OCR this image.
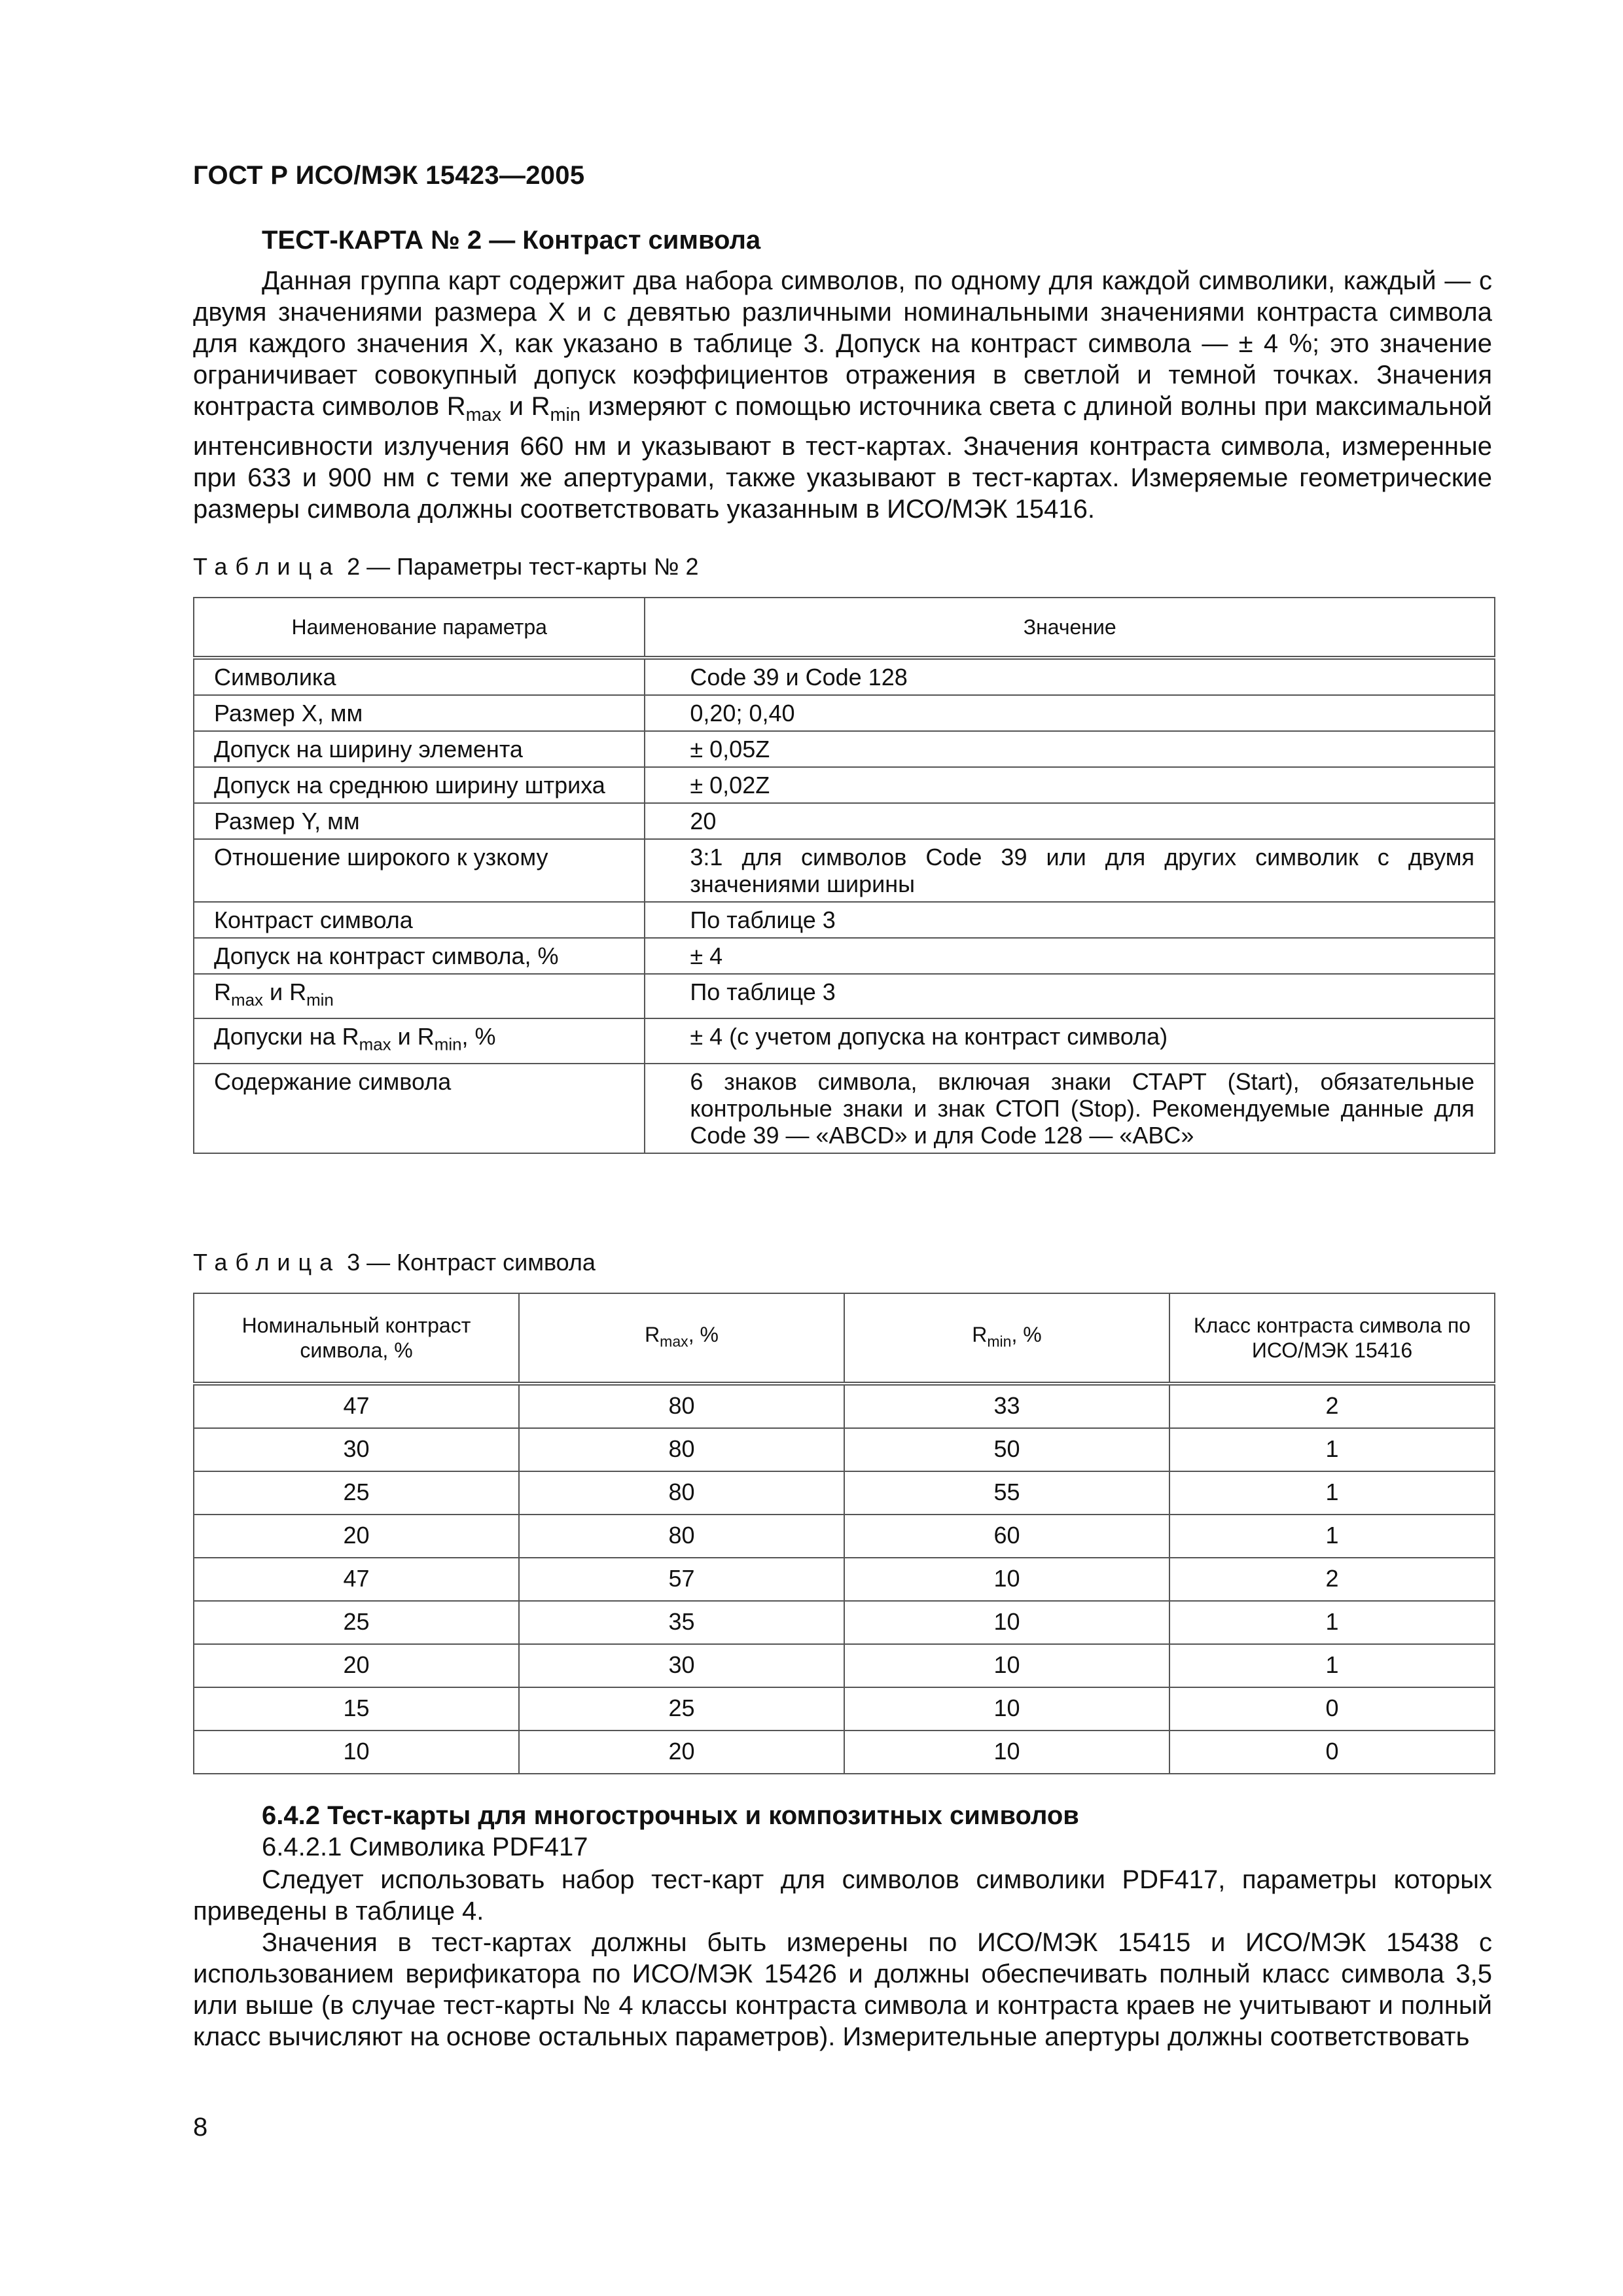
ГОСТ Р ИСО/МЭК 15423—2005
ТЕСТ-КАРТА № 2 — Контраст символа

Данная группа карт содержит два набора символов, по одному для каждой символики, каждый — с двумя значениями размера X и с девятью различными номинальными значениями контраста символа для каждого значения X, как указано в таблице 3. Допуск на контраст символа — ± 4 %; это значение ограничивает совокупный допуск коэффициентов отражения в светлой и темной точках. Значения контраста символов $R_{max}$ и $R_{min}$ измеряют с помощью источника света с длиной волны при максимальной интенсивности излучения 660 нм и указывают в тест-картах. Значения контраста символа, измеренные при 633 и 900 нм с теми же апертурами, также указывают в тест-картах. Измеряемые геометрические размеры символа должны соответствовать указанным в ИСО/МЭК 15416.

Таблица 2 — Параметры тест-карты № 2
Наименование параметра	Значение
Символика	Code 39 и Code 128
Размер X, мм	0,20; 0,40
Допуск на ширину элемента	± 0,05Z
Допуск на среднюю ширину штриха	± 0,02Z
Размер Y, мм	20
Отношение широкого к узкому	3:1 для символов Code 39 или для других символик с двумя значениями ширины
Контраст символа	По таблице 3
Допуск на контраст символа, %	± 4
$R_{max}$ и $R_{min}$	По таблице 3
Допуски на $R_{max}$ и $R_{min}$, %	± 4 (с учетом допуска на контраст символа)
Содержание символа	6 знаков символа, включая знаки СТАРТ (Start), обязательные контрольные знаки и знак СТОП (Stop). Рекомендуемые данные для Code 39 — «ABCD» и для Code 128 — «ABC»
Таблица 3 — Контраст символа
Номинальный контраст символа, %	$R_{max}$, %	$R_{min}$, %	Класс контраста символа по ИСО/МЭК 15416
47	80	33	2
30	80	50	1
25	80	55	1
20	80	60	1
47	57	10	2
25	35	10	1
20	30	10	1
15	25	10	0
10	20	10	0
6.4.2 Тест-карты для многострочных и композитных символов
6.4.2.1 Символика PDF417

Следует использовать набор тест-карт для символов символики PDF417, параметры которых приведены в таблице 4.

Значения в тест-картах должны быть измерены по ИСО/МЭК 15415 и ИСО/МЭК 15438 с использованием верификатора по ИСО/МЭК 15426 и должны обеспечивать полный класс символа 3,5 или выше (в случае тест-карты № 4 классы контраста символа и контраста краев не учитывают и полный класс вычисляют на основе остальных параметров). Измерительные апертуры должны соответствовать

8
